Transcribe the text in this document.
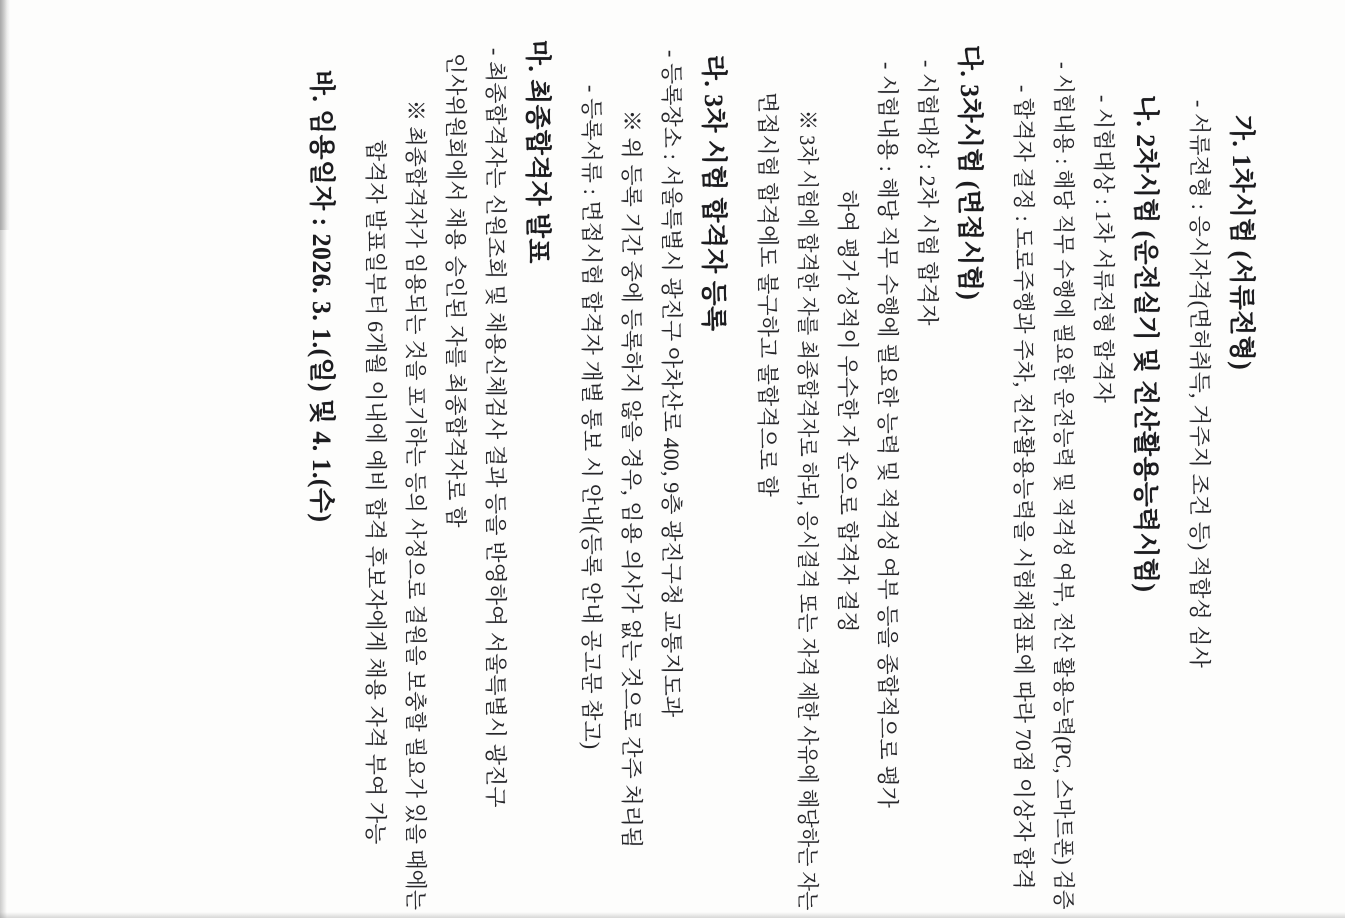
가. 1차시험 (서류전형)
- 서류전형 : 응시자격(면허취득, 거주지 조건 등) 적합성 심사
나. 2차시험 (운전실기 및 전산활용능력시험)
- 시험대상 : 1차 서류전형 합격자
- 시험내용 : 해당 직무 수행에 필요한 운전능력 및 적격성 여부, 전산 활용능력(PC, 스마트폰) 검증
- 합격자 결정 : 도로주행과 주차, 전산활용능력을 시험채점표에 따라 70점 이상자 합격
다. 3차시험 (면접시험)
- 시험대상 : 2차 시험 합격자
- 시험내용 : 해당 직무 수행에 필요한 능력 및 적격성 여부 등을 종합적으로 평가
하여 평가 성적이 우수한 자 순으로 합격자 결정
※ 3차 시험에 합격한 자를 최종합격자로 하되, 응시결격 또는 자격 제한 사유에 해당하는 자는
면접시험 합격에도 불구하고 불합격으로 함
라. 3차 시험 합격자 등록
- 등록장소 : 서울특별시 광진구 아차산로 400, 9층 광진구청 교통지도과
※ 위 등록 기간 중에 등록하지 않을 경우, 임용 의사가 없는 것으로 간주 처리됨
- 등록서류 : 면접시험 합격자 개별 통보 시 안내(등록 안내 공고문 참고)
마. 최종합격자 발표
- 최종합격자는 신원조회 및 채용신체검사 결과 등을 반영하여 서울특별시 광진구
인사위원회에서 채용 승인된 자를 최종합격자로 함
※ 최종합격자가 임용되는 것을 포기하는 등의 사정으로 결원을 보충할 필요가 있을 때에는
합격자 발표일부터 6개월 이내에 예비 합격 후보자에게 채용 자격 부여 가능
바. 임용일자 : 2026. 3. 1.(일) 및 4. 1.(수)
